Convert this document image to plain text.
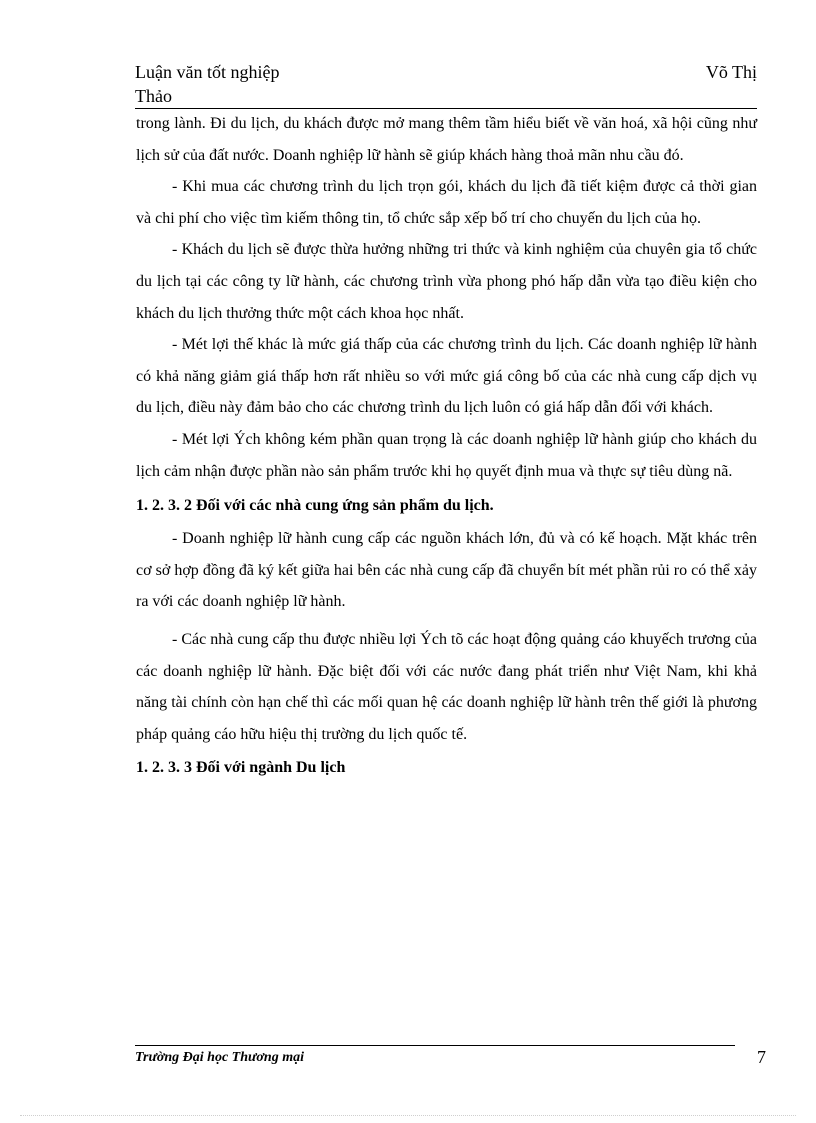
Luận văn tốt nghiệp	Võ Thị
Thảo

trong lành. Đi du lịch, du khách được mở mang thêm tầm hiểu biết về văn hoá, xã hội cũng như lịch sử của đất nước. Doanh nghiệp lữ hành sẽ giúp khách hàng thoả mãn nhu cầu đó.

- Khi mua các chương trình du lịch trọn gói, khách du lịch đã tiết kiệm được cả thời gian và chi phí cho việc tìm kiếm thông tin, tổ chức sắp xếp bố trí cho chuyến du lịch của họ.

- Khách du lịch sẽ được thừa hưởng những tri thức và kinh nghiệm của chuyên gia tổ chức du lịch tại các công ty lữ hành, các chương trình vừa phong phó hấp dẫn vừa tạo điều kiện cho khách du lịch thưởng thức một cách khoa học nhất.

- Mét lợi thế khác là mức giá thấp của các chương trình du lịch. Các doanh nghiệp lữ hành có khả năng giảm giá thấp hơn rất nhiều so với mức giá công bố của các nhà cung cấp dịch vụ du lịch, điều này đảm bảo cho các chương trình du lịch luôn có giá hấp dẫn đối với khách.

- Mét lợi Ých không kém phần quan trọng là các doanh nghiệp lữ hành giúp cho khách du lịch cảm nhận được phần nào sản phẩm trước khi họ quyết định mua và thực sự tiêu dùng nã.

1. 2. 3. 2 Đối với các nhà cung ứng sản phẩm du lịch.

- Doanh nghiệp lữ hành cung cấp các nguồn khách lớn, đủ và có kế hoạch. Mặt khác trên cơ sở hợp đồng đã ký kết giữa hai bên các nhà cung cấp đã chuyển bít mét phần rủi ro có thể xảy ra với các doanh nghiệp lữ hành.

- Các nhà cung cấp thu được nhiều lợi Ých tõ các hoạt động quảng cáo khuyếch trương của các doanh nghiệp lữ hành. Đặc biệt đối với các nước đang phát triển như Việt Nam, khi khả năng tài chính còn hạn chế thì các mối quan hệ các doanh nghiệp lữ hành trên thế giới là phương pháp quảng cáo hữu hiệu thị trường du lịch quốc tế.

1. 2. 3. 3 Đối với ngành Du lịch
Trường Đại học Thương mại	7
